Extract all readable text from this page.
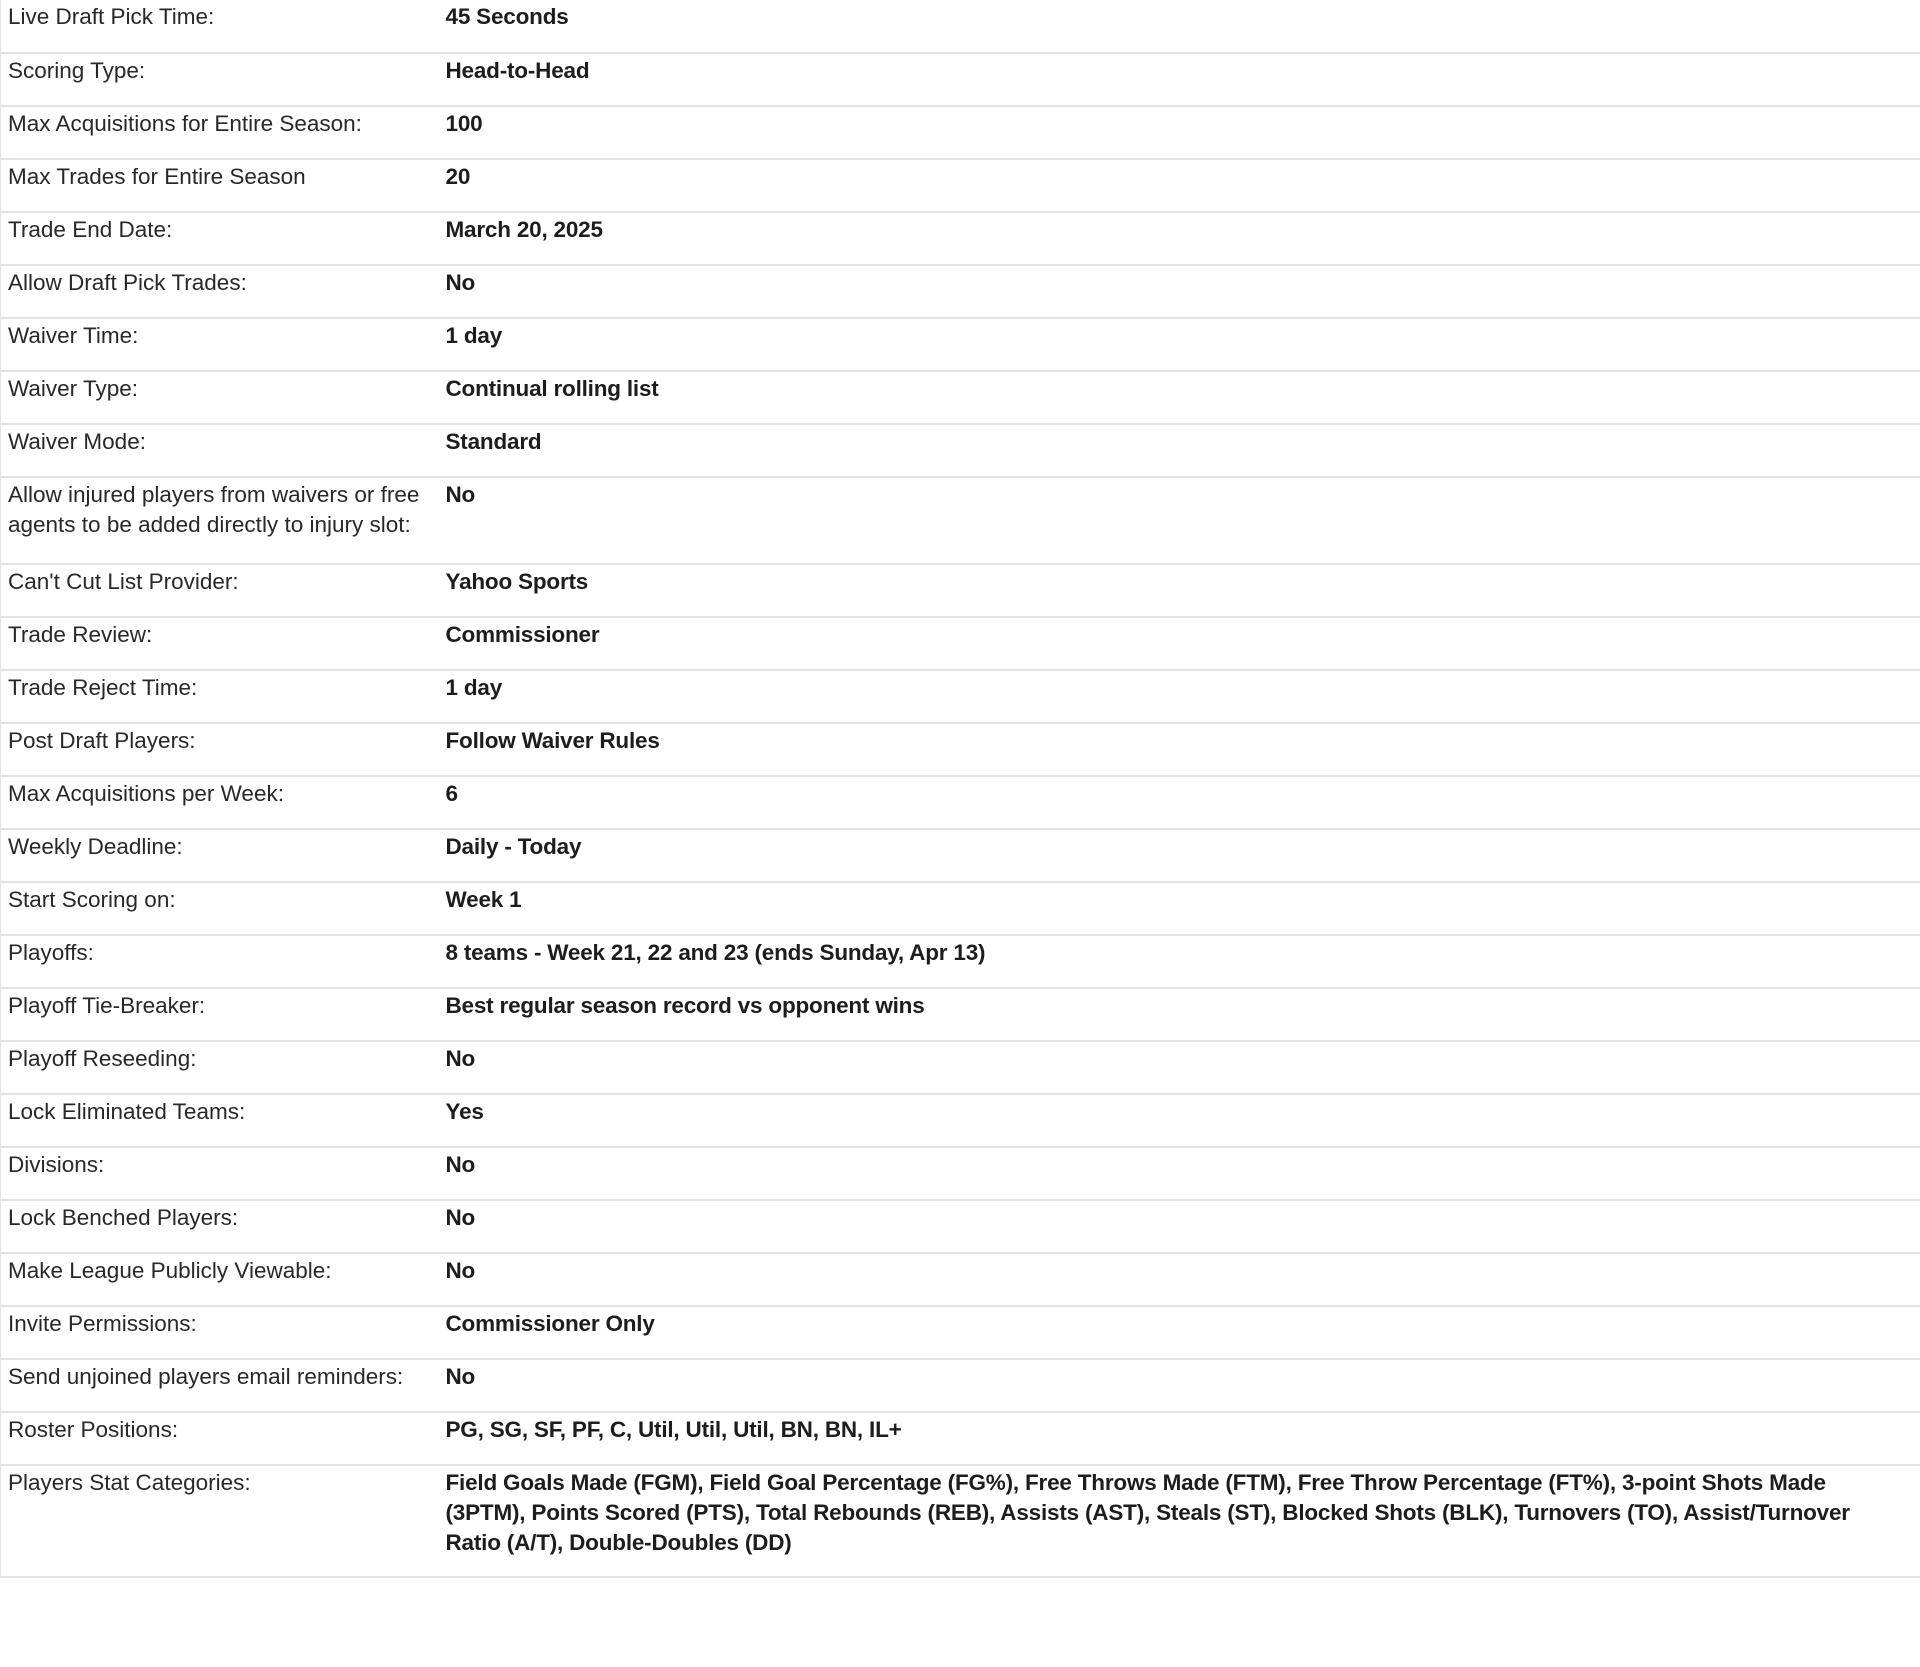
Live Draft Pick Time:	45 Seconds
Scoring Type:	Head-to-Head
Max Acquisitions for Entire Season:	100
Max Trades for Entire Season	20
Trade End Date:	March 20, 2025
Allow Draft Pick Trades:	No
Waiver Time:	1 day
Waiver Type:	Continual rolling list
Waiver Mode:	Standard
Allow injured players from waivers or free agents to be added directly to injury slot:	No
Can't Cut List Provider:	Yahoo Sports
Trade Review:	Commissioner
Trade Reject Time:	1 day
Post Draft Players:	Follow Waiver Rules
Max Acquisitions per Week:	6
Weekly Deadline:	Daily - Today
Start Scoring on:	Week 1
Playoffs:	8 teams - Week 21, 22 and 23 (ends Sunday, Apr 13)
Playoff Tie-Breaker:	Best regular season record vs opponent wins
Playoff Reseeding:	No
Lock Eliminated Teams:	Yes
Divisions:	No
Lock Benched Players:	No
Make League Publicly Viewable:	No
Invite Permissions:	Commissioner Only
Send unjoined players email reminders:	No
Roster Positions:	PG, SG, SF, PF, C, Util, Util, Util, BN, BN, IL+
Players Stat Categories:	Field Goals Made (FGM), Field Goal Percentage (FG%), Free Throws Made (FTM), Free Throw Percentage (FT%), 3-point Shots Made (3PTM), Points Scored (PTS), Total Rebounds (REB), Assists (AST), Steals (ST), Blocked Shots (BLK), Turnovers (TO), Assist/Turnover Ratio (A/T), Double-Doubles (DD)
